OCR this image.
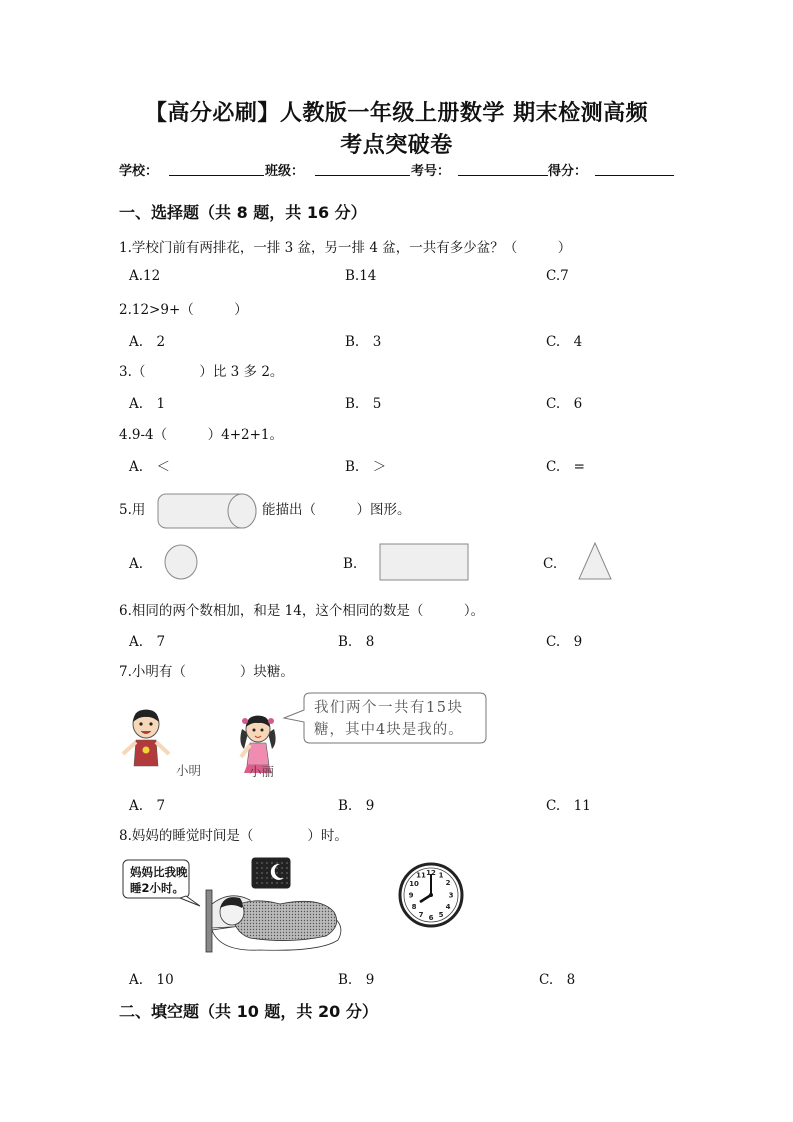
【高分必刷】人教版一年级上册数学 期末检测高频
考点突破卷
学校：	班级：	考号：	得分：
一、选择题（共 8 题，共 16 分）
1.学校门前有两排花，一排 3 盆，另一排 4 盆，一共有多少盆？（　　　）
A.12	B.14	C.7
2.12>9+（　　　）
A.　2	B.　3	C.　4
3.（　　　　）比 3 多 2。
A.　1	B.　5	C.　6
4.9-4（　　　）4+2+1。
A.　＜	B.　＞	C.　=
5.用	能描出（　　　）图形。
A.	B.	C.
6.相同的两个数相加，和是 14，这个相同的数是（　　　）。
A.　7	B.　8	C.　9
7.小明有（　　　　）块糖。
小明	小丽
我们两个一共有15块
糖，其中4块是我的。
A.　7	B.　9	C.　11
8.妈妈的睡觉时间是（　　　　）时。
妈妈比我晚
睡2小时。
12 1
2
3
4
5
6
7
8
9
10
11
A.　10	B.　9	C.　8
二、填空题（共 10 题，共 20 分）
